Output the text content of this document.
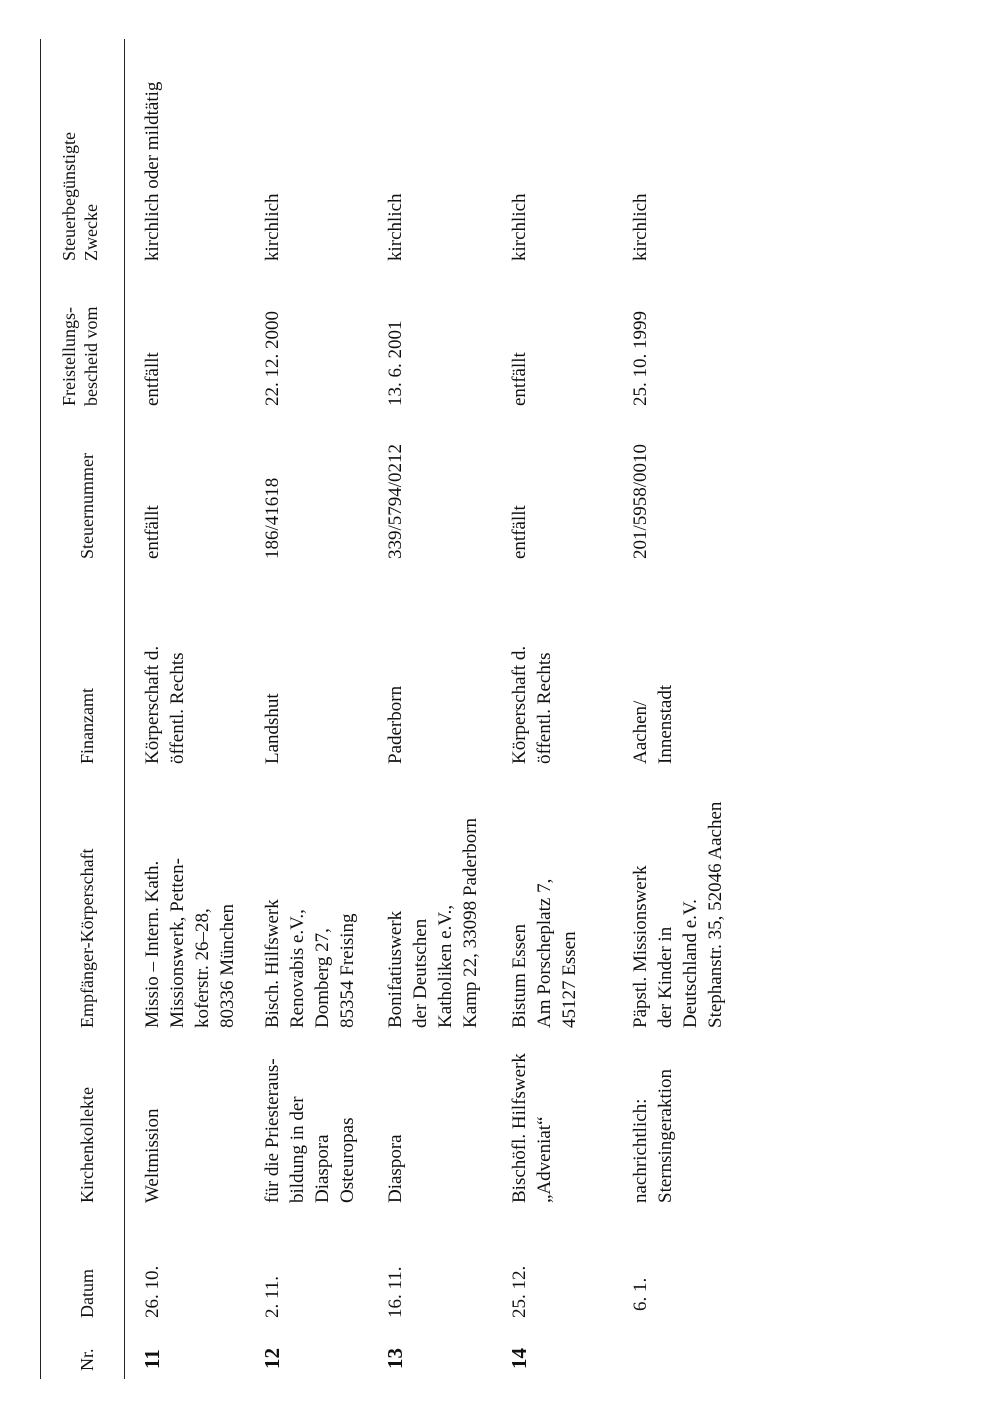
Nr.
Datum
Kirchenkollekte
Empfänger-Körperschaft
Finanzamt
Steuernummer
Freistellungs-
bescheid vom
Steuerbegünstigte
Zwecke
11
26. 10.
Weltmission
Missio – Intern. Kath.
Missionswerk, Petten-
koferstr. 26–28,
80336 München
Körperschaft d.
öffentl. Rechts
entfällt
entfällt
kirchlich oder mildtätig
12
2. 11.
für die Priesteraus-
bildung in der
Diaspora
Osteuropas
Bisch. Hilfswerk
Renovabis e.V.,
Domberg 27,
85354 Freising
Landshut
186/41618
22. 12. 2000
kirchlich
13
16. 11.
Diaspora
Bonifatiuswerk
der Deutschen
Katholiken e.V.,
Kamp 22, 33098 Paderborn
Paderborn
339/5794/0212
13. 6. 2001
kirchlich
14
25. 12.
Bischöfl. Hilfswerk
„Adveniat“
Bistum Essen
Am Porscheplatz 7,
45127 Essen
Körperschaft d.
öffentl. Rechts
entfällt
entfällt
kirchlich
6. 1.
nachrichtlich:
Sternsingeraktion
Päpstl. Missionswerk
der Kinder in
Deutschland e.V.
Stephanstr. 35, 52046 Aachen
Aachen/
Innenstadt
201/5958/0010
25. 10. 1999
kirchlich
